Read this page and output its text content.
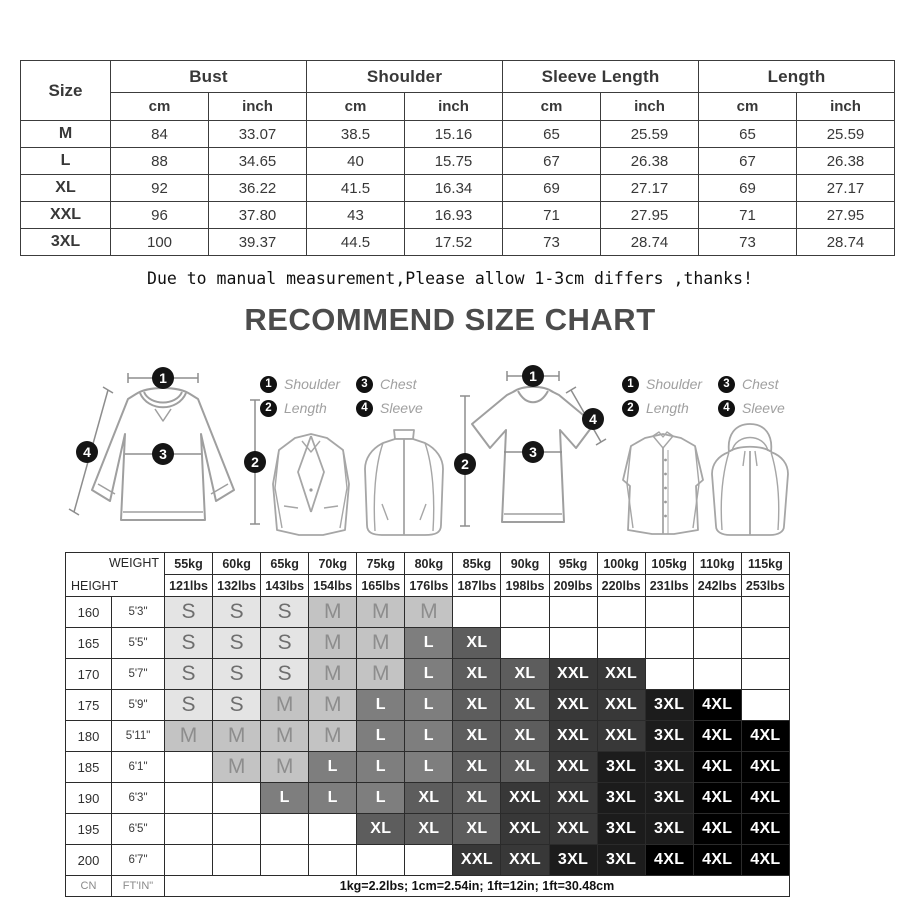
Size	Bust		Shoulder		Sleeve Length		Length	
	cm	inch	cm	inch	cm	inch	cm	inch
M	84	33.07	38.5	15.16	65	25.59	65	25.59
L	88	34.65	40	15.75	67	26.38	67	26.38
XL	92	36.22	41.5	16.34	69	27.17	69	27.17
XXL	96	37.80	43	16.93	71	27.95	71	27.95
3XL	100	39.37	44.5	17.52	73	28.74	73	28.74
Due to manual measurement,Please allow 1-3cm differs ,thanks!
RECOMMEND SIZE CHART
1
2
3
4
1 Shoulder	3 Chest
2 Length	4 Sleeve
1
2
3
4
1 Shoulder	3 Chest
2 Length	4 Sleeve
WEIGHT
HEIGHT		55kg	60kg	65kg	70kg	75kg	80kg	85kg	90kg	95kg	100kg	105kg	110kg	115kg
		121lbs	132lbs	143lbs	154lbs	165lbs	176lbs	187lbs	198lbs	209lbs	220lbs	231lbs	242lbs	253lbs
160	5'3"	S	S	S	M	M	M							
165	5'5"	S	S	S	M	M	L	XL						
170	5'7"	S	S	S	M	M	L	XL	XL	XXL	XXL			
175	5'9"	S	S	M	M	L	L	XL	XL	XXL	XXL	3XL	4XL	
180	5'11"	M	M	M	M	L	L	XL	XL	XXL	XXL	3XL	4XL	4XL
185	6'1"		M	M	L	L	L	XL	XL	XXL	3XL	3XL	4XL	4XL
190	6'3"			L	L	L	XL	XL	XXL	XXL	3XL	3XL	4XL	4XL
195	6'5"					XL	XL	XL	XXL	XXL	3XL	3XL	4XL	4XL
200	6'7"							XXL	XXL	3XL	3XL	4XL	4XL	4XL
CN	FT'IN"	1kg=2.2lbs; 1cm=2.54in; 1ft=12in; 1ft=30.48cm												
